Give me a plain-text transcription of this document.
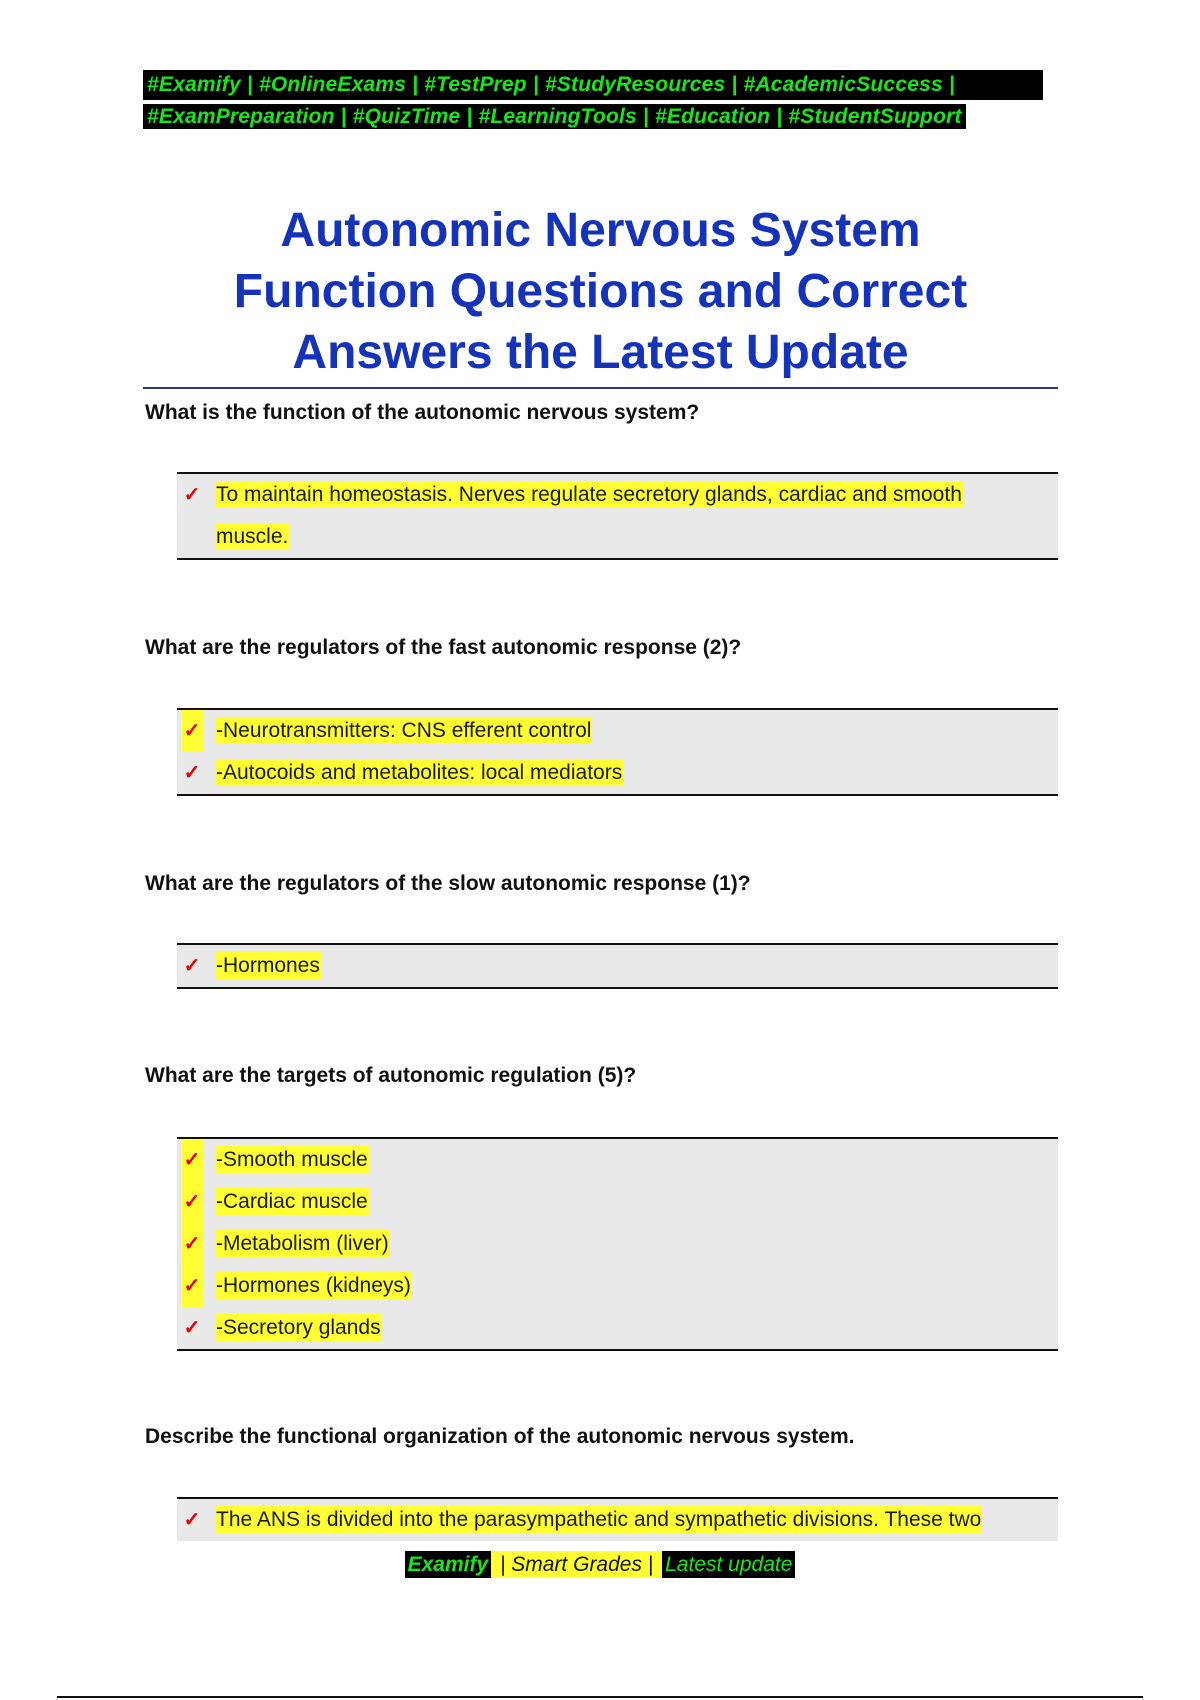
#Examify | #OnlineExams | #TestPrep | #StudyResources | #AcademicSuccess |
#ExamPreparation | #QuizTime | #LearningTools | #Education | #StudentSupport
Autonomic Nervous System
Function Questions and Correct
Answers the Latest Update
What is the function of the autonomic nervous system?
✓ To maintain homeostasis. Nerves regulate secretory glands, cardiac and smooth
muscle.
What are the regulators of the fast autonomic response (2)?
✓ -Neurotransmitters: CNS efferent control
✓ -Autocoids and metabolites: local mediators
What are the regulators of the slow autonomic response (1)?
✓ -Hormones
What are the targets of autonomic regulation (5)?
✓ -Smooth muscle
✓ -Cardiac muscle
✓ -Metabolism (liver)
✓ -Hormones (kidneys)
✓ -Secretory glands
Describe the functional organization of the autonomic nervous system.
✓ The ANS is divided into the parasympathetic and sympathetic divisions. These two
Examify | Smart Grades | Latest update
